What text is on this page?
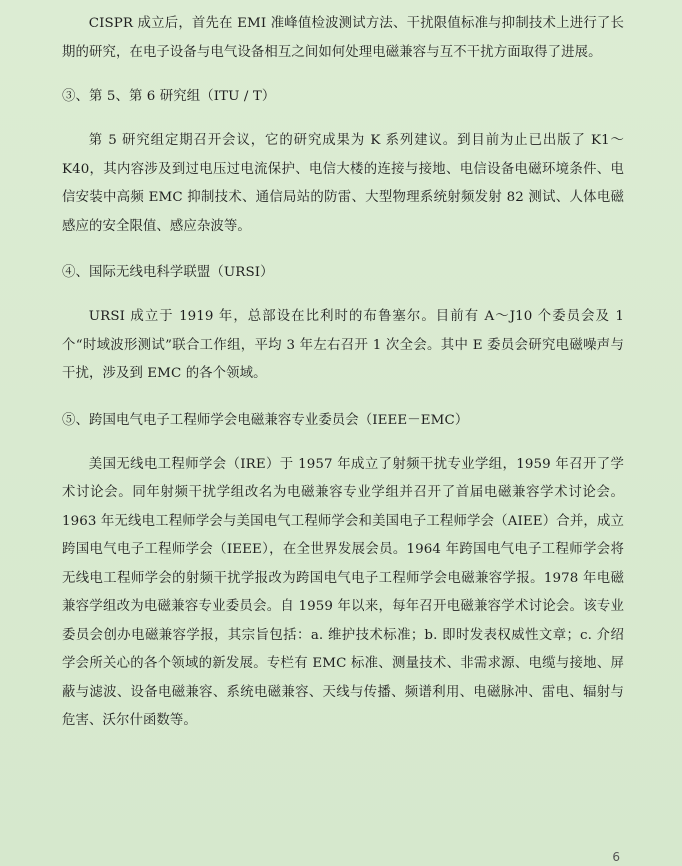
CISPR 成立后，首先在 EMI 准峰值检波测试方法、干扰限值标准与抑制技术上进行了长期的研究，在电子设备与电气设备相互之间如何处理电磁兼容与互不干扰方面取得了进展。

③、第 5、第 6 研究组（ITU / T）

第 5 研究组定期召开会议，它的研究成果为 K 系列建议。到目前为止已出版了 K1～K40，其内容涉及到过电压过电流保护、电信大楼的连接与接地、电信设备电磁环境条件、电信安装中高频 EMC 抑制技术、通信局站的防雷、大型物理系统射频发射 82 测试、人体电磁感应的安全限值、感应杂波等。

④、国际无线电科学联盟（URSI）

URSI 成立于 1919 年，总部设在比利时的布鲁塞尔。目前有 A～J10 个委员会及 1 个“时域波形测试”联合工作组，平均 3 年左右召开 1 次全会。其中 E 委员会研究电磁噪声与干扰，涉及到 EMC 的各个领域。

⑤、跨国电气电子工程师学会电磁兼容专业委员会（IEEE－EMC）

美国无线电工程师学会（IRE）于 1957 年成立了射频干扰专业学组，1959 年召开了学术讨论会。同年射频干扰学组改名为电磁兼容专业学组并召开了首届电磁兼容学术讨论会。1963 年无线电工程师学会与美国电气工程师学会和美国电子工程师学会（AIEE）合并，成立跨国电气电子工程师学会（IEEE），在全世界发展会员。1964 年跨国电气电子工程师学会将无线电工程师学会的射频干扰学报改为跨国电气电子工程师学会电磁兼容学报。1978 年电磁兼容学组改为电磁兼容专业委员会。自 1959 年以来，每年召开电磁兼容学术讨论会。该专业委员会创办电磁兼容学报，其宗旨包括：a. 维护技术标准；b. 即时发表权威性文章；c. 介绍学会所关心的各个领域的新发展。专栏有 EMC 标准、测量技术、非需求源、电缆与接地、屏蔽与滤波、设备电磁兼容、系统电磁兼容、天线与传播、频谱利用、电磁脉冲、雷电、辐射与危害、沃尔什函数等。

6
